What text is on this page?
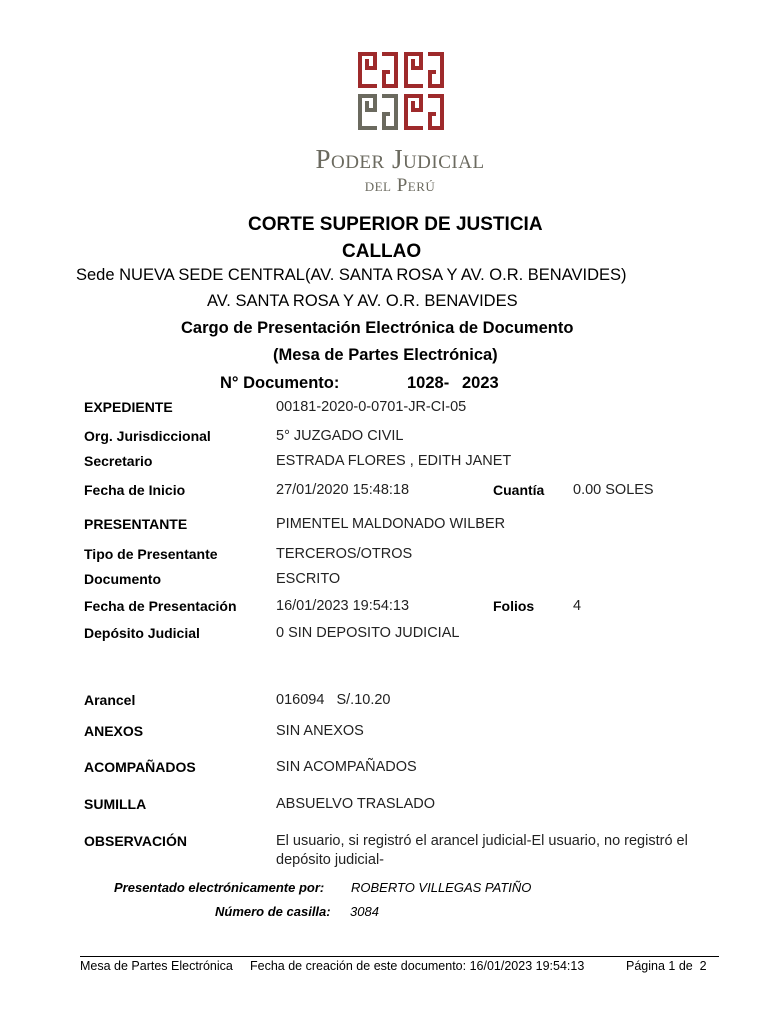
Poder Judicial
del Perú
CORTE SUPERIOR DE JUSTICIA
CALLAO
Sede NUEVA SEDE CENTRAL(AV. SANTA ROSA Y AV. O.R. BENAVIDES)
AV. SANTA ROSA Y AV. O.R. BENAVIDES
Cargo de Presentación Electrónica de Documento
(Mesa de Partes Electrónica)
N° Documento:	1028- 2023
EXPEDIENTE	00181-2020-0-0701-JR-CI-05
Org. Jurisdiccional	5° JUZGADO CIVIL
Secretario	ESTRADA FLORES , EDITH JANET
Fecha de Inicio	27/01/2020 15:48:18	Cuantía 0.00 SOLES
PRESENTANTE	PIMENTEL MALDONADO WILBER
Tipo de Presentante	TERCEROS/OTROS
Documento	ESCRITO
Fecha de Presentación	16/01/2023 19:54:13	Folios	4
Depósito Judicial	0 SIN DEPOSITO JUDICIAL
Arancel	016094   S/.10.20
ANEXOS	SIN ANEXOS
ACOMPAÑADOS	SIN ACOMPAÑADOS
SUMILLA	ABSUELVO TRASLADO
OBSERVACIÓN	El usuario, si registró el arancel judicial-El usuario, no registró el depósito judicial-
Presentado electrónicamente por: ROBERTO VILLEGAS PATIÑO
Número de casilla: 3084
Mesa de Partes Electrónica Fecha de creación de este documento: 16/01/2023 19:54:13	Página 1 de  2
